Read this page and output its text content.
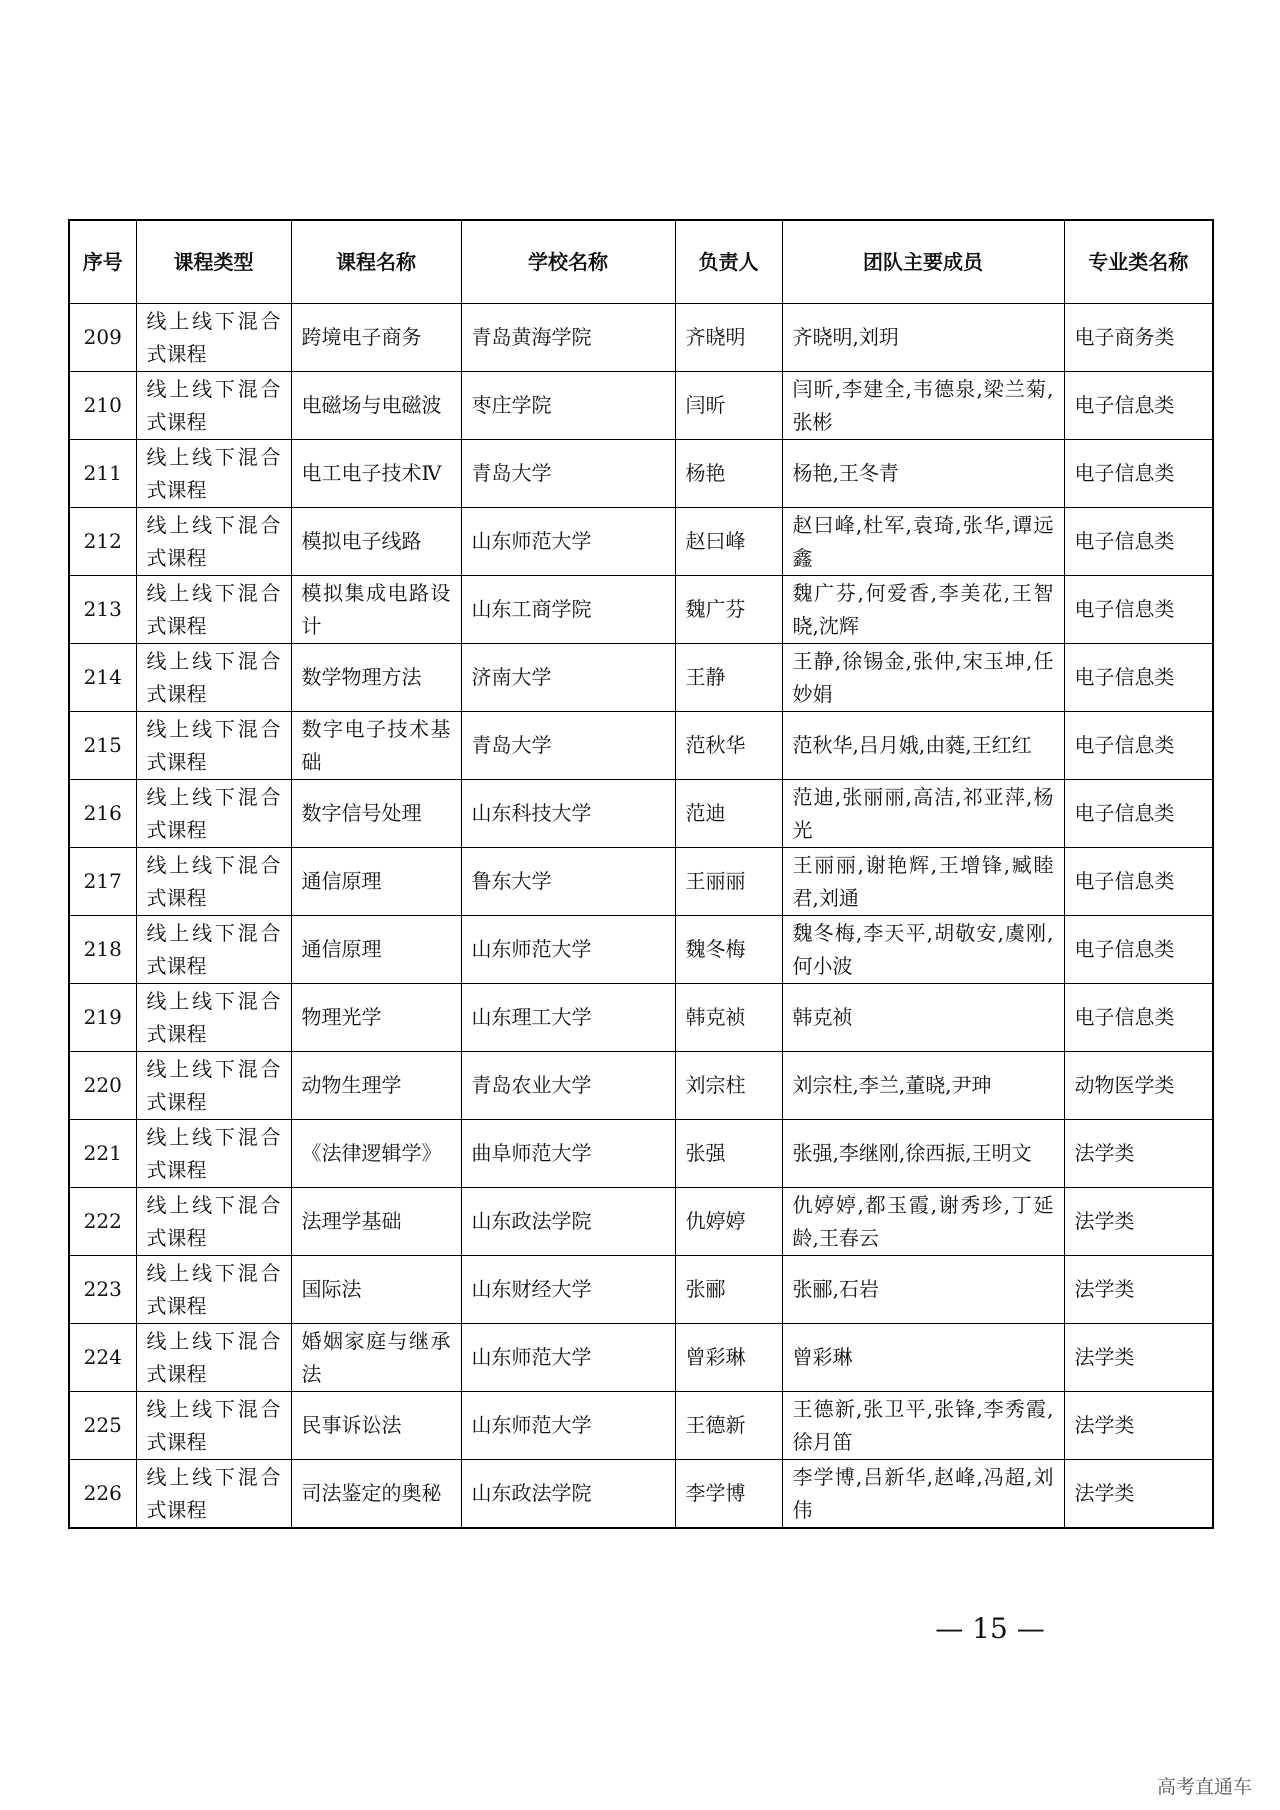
序号	课程类型	课程名称	学校名称	负责人	团队主要成员	专业类名称
209	线上线下混合式课程	跨境电子商务	青岛黄海学院	齐晓明	齐晓明,刘玥	电子商务类
210	线上线下混合式课程	电磁场与电磁波	枣庄学院	闫昕	闫昕,李建全,韦德泉,梁兰菊,张彬	电子信息类
211	线上线下混合式课程	电工电子技术Ⅳ	青岛大学	杨艳	杨艳,王冬青	电子信息类
212	线上线下混合式课程	模拟电子线路	山东师范大学	赵曰峰	赵曰峰,杜军,袁琦,张华,谭远鑫	电子信息类
213	线上线下混合式课程	模拟集成电路设计	山东工商学院	魏广芬	魏广芬,何爱香,李美花,王智晓,沈辉	电子信息类
214	线上线下混合式课程	数学物理方法	济南大学	王静	王静,徐锡金,张仲,宋玉坤,任妙娟	电子信息类
215	线上线下混合式课程	数字电子技术基础	青岛大学	范秋华	范秋华,吕月娥,由蕤,王红红	电子信息类
216	线上线下混合式课程	数字信号处理	山东科技大学	范迪	范迪,张丽丽,高洁,祁亚萍,杨光	电子信息类
217	线上线下混合式课程	通信原理	鲁东大学	王丽丽	王丽丽,谢艳辉,王增锋,臧睦君,刘通	电子信息类
218	线上线下混合式课程	通信原理	山东师范大学	魏冬梅	魏冬梅,李天平,胡敬安,虞刚,何小波	电子信息类
219	线上线下混合式课程	物理光学	山东理工大学	韩克祯	韩克祯	电子信息类
220	线上线下混合式课程	动物生理学	青岛农业大学	刘宗柱	刘宗柱,李兰,董晓,尹珅	动物医学类
221	线上线下混合式课程	《法律逻辑学》	曲阜师范大学	张强	张强,李继刚,徐西振,王明文	法学类
222	线上线下混合式课程	法理学基础	山东政法学院	仇婷婷	仇婷婷,都玉霞,谢秀珍,丁延龄,王春云	法学类
223	线上线下混合式课程	国际法	山东财经大学	张郦	张郦,石岩	法学类
224	线上线下混合式课程	婚姻家庭与继承法	山东师范大学	曾彩琳	曾彩琳	法学类
225	线上线下混合式课程	民事诉讼法	山东师范大学	王德新	王德新,张卫平,张锋,李秀霞,徐月笛	法学类
226	线上线下混合式课程	司法鉴定的奥秘	山东政法学院	李学博	李学博,吕新华,赵峰,冯超,刘伟	法学类
— 15 —
高考直通车
